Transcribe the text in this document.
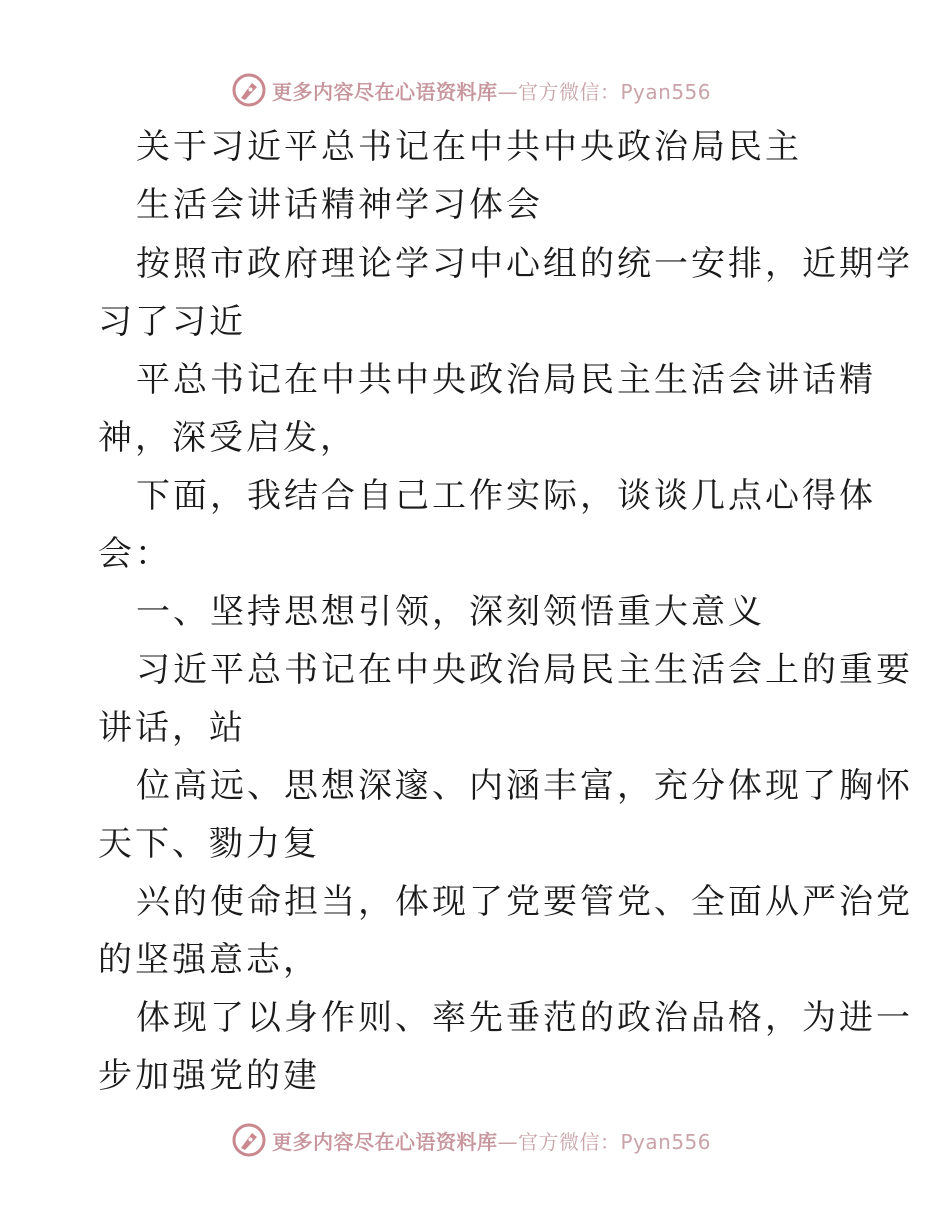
更多内容尽在心语资料库—官方微信：Pyan556
关于习近平总书记在中共中央政治局民主
生活会讲话精神学习体会
按照市政府理论学习中心组的统一安排，近期学
习了习近
平总书记在中共中央政治局民主生活会讲话精
神，深受启发，
下面，我结合自己工作实际，谈谈几点心得体
会：
一、坚持思想引领，深刻领悟重大意义
习近平总书记在中央政治局民主生活会上的重要
讲话，站
位高远、思想深邃、内涵丰富，充分体现了胸怀
天下、勠力复
兴的使命担当，体现了党要管党、全面从严治党
的坚强意志，
体现了以身作则、率先垂范的政治品格，为进一
步加强党的建
更多内容尽在心语资料库—官方微信：Pyan556
